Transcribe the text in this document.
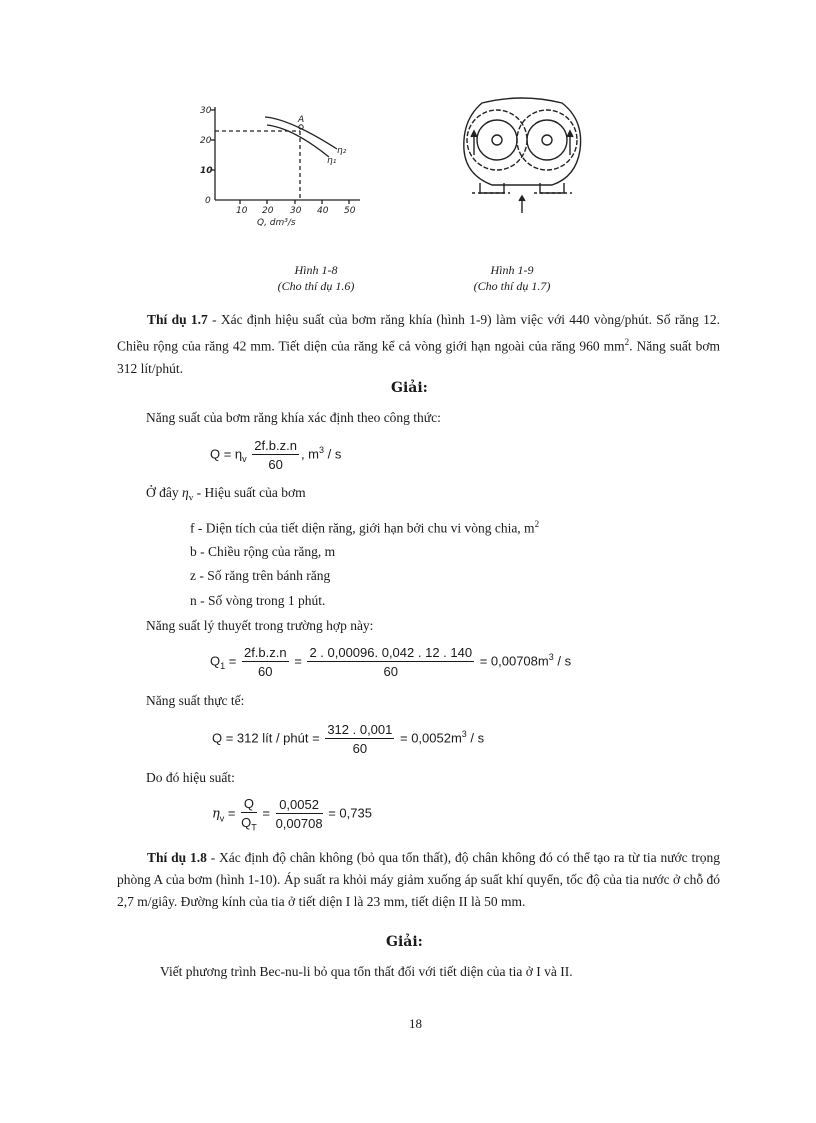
30
20
10
0
10 20 30 40 50
Q, dm³/s
A
η₂
η₁
Hình 1-8
(Cho thí dụ 1.6)
Hình 1-9
(Cho thí dụ 1.7)
Thí dụ 1.7 - Xác định hiệu suất của bơm răng khía (hình 1-9) làm việc với 440 vòng/phút. Số răng 12. Chiều rộng của răng 42 mm. Tiết diện của răng kể cả vòng giới hạn ngoài của răng 960 $mm^2$. Năng suất bơm 312 lít/phút.
Giải:
Năng suất của bơm răng khía xác định theo công thức:
$Q = \eta_v \frac{2f.b.z.n}{60}$ , $m^3$ / s
Ở đây $\eta_v$ - Hiệu suất của bơm
f - Diện tích của tiết diện răng, giới hạn bởi chu vi vòng chia, $m^2$
b - Chiều rộng của răng, m
z - Số răng trên bánh răng
n - Số vòng trong 1 phút.
Năng suất lý thuyết trong trường hợp này:
$Q_1 = \frac{2f.b.z.n}{60} = \frac{2 . 0,00096. 0,042 . 12 . 140}{60} = 0,00708m^3 / s$
Năng suất thực tế:
Q = 312 lít / phút = $\frac{312 . 0,001}{60} = 0,0052m^3 / s$
Do đó hiệu suất:
$\eta_v = \frac{Q}{Q_T} = \frac{0,0052}{0,00708} = 0,735$
Thí dụ 1.8 - Xác định độ chân không (bỏ qua tổn thất), độ chân không đó có thể tạo ra từ tia nước trọng phòng A của bơm (hình 1-10). Áp suất ra khỏi máy giảm xuống áp suất khí quyển, tốc độ của tia nước ở chỗ đó 2,7 m/giây. Đường kính của tia ở tiết diện I là 23 mm, tiết diện II là 50 mm.
Giải:
Viết phương trình Bec-nu-li bỏ qua tổn thất đối với tiết diện của tia ở I và II.
18
